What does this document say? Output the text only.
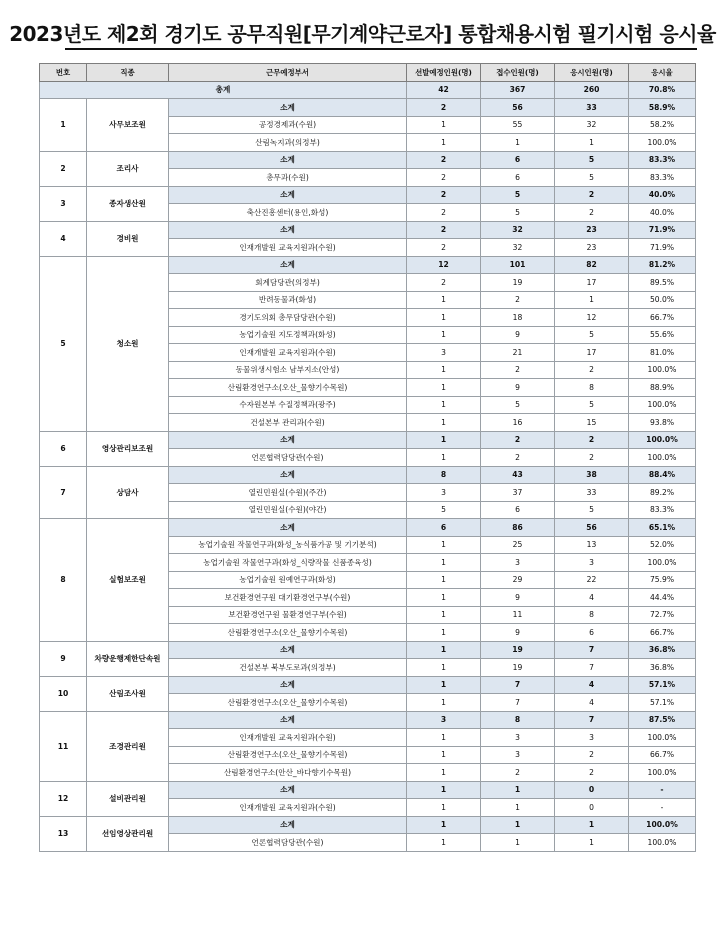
2023년도 제2회 경기도 공무직원[무기계약근로자] 통합채용시험 필기시험 응시율
번호	직종	근무예정부서	선발예정인원(명)	접수인원(명)	응시인원(명)	응시율
총계			42	367	260	70.8%
1	사무보조원	소계	2	56	33	58.9%
		공정경제과(수원)	1	55	32	58.2%
		산림녹지과(의정부)	1	1	1	100.0%
2	조리사	소계	2	6	5	83.3%
		총무과(수원)	2	6	5	83.3%
3	종자생산원	소계	2	5	2	40.0%
		축산진흥센터(용인,화성)	2	5	2	40.0%
4	경비원	소계	2	32	23	71.9%
		인재개발원 교육지원과(수원)	2	32	23	71.9%
5	청소원	소계	12	101	82	81.2%
		회계담당관(의정부)	2	19	17	89.5%
		반려동물과(화성)	1	2	1	50.0%
		경기도의회 총무담당관(수원)	1	18	12	66.7%
		농업기술원 지도정책과(화성)	1	9	5	55.6%
		인재개발원 교육지원과(수원)	3	21	17	81.0%
		동물위생시험소 남부지소(안성)	1	2	2	100.0%
		산림환경연구소(오산_물향기수목원)	1	9	8	88.9%
		수자원본부 수질정책과(광주)	1	5	5	100.0%
		건설본부 관리과(수원)	1	16	15	93.8%
6	영상관리보조원	소계	1	2	2	100.0%
		언론협력담당관(수원)	1	2	2	100.0%
7	상담사	소계	8	43	38	88.4%
		열린민원실(수원)(주간)	3	37	33	89.2%
		열린민원실(수원)(야간)	5	6	5	83.3%
8	실험보조원	소계	6	86	56	65.1%
		농업기술원 작물연구과(화성_농식품가공 및 기기분석)	1	25	13	52.0%
		농업기술원 작물연구과(화성_식량작물 신품종육성)	1	3	3	100.0%
		농업기술원 원예연구과(화성)	1	29	22	75.9%
		보건환경연구원 대기환경연구부(수원)	1	9	4	44.4%
		보건환경연구원 물환경연구부(수원)	1	11	8	72.7%
		산림환경연구소(오산_물향기수목원)	1	9	6	66.7%
9	차량운행제한단속원	소계	1	19	7	36.8%
		건설본부 북부도로과(의정부)	1	19	7	36.8%
10	산림조사원	소계	1	7	4	57.1%
		산림환경연구소(오산_물향기수목원)	1	7	4	57.1%
11	조경관리원	소계	3	8	7	87.5%
		인재개발원 교육지원과(수원)	1	3	3	100.0%
		산림환경연구소(오산_물향기수목원)	1	3	2	66.7%
		산림환경연구소(안산_바다향기수목원)	1	2	2	100.0%
12	설비관리원	소계	1	1	0	-
		인재개발원 교육지원과(수원)	1	1	0	-
13	선임영상관리원	소계	1	1	1	100.0%
		언론협력담당관(수원)	1	1	1	100.0%
